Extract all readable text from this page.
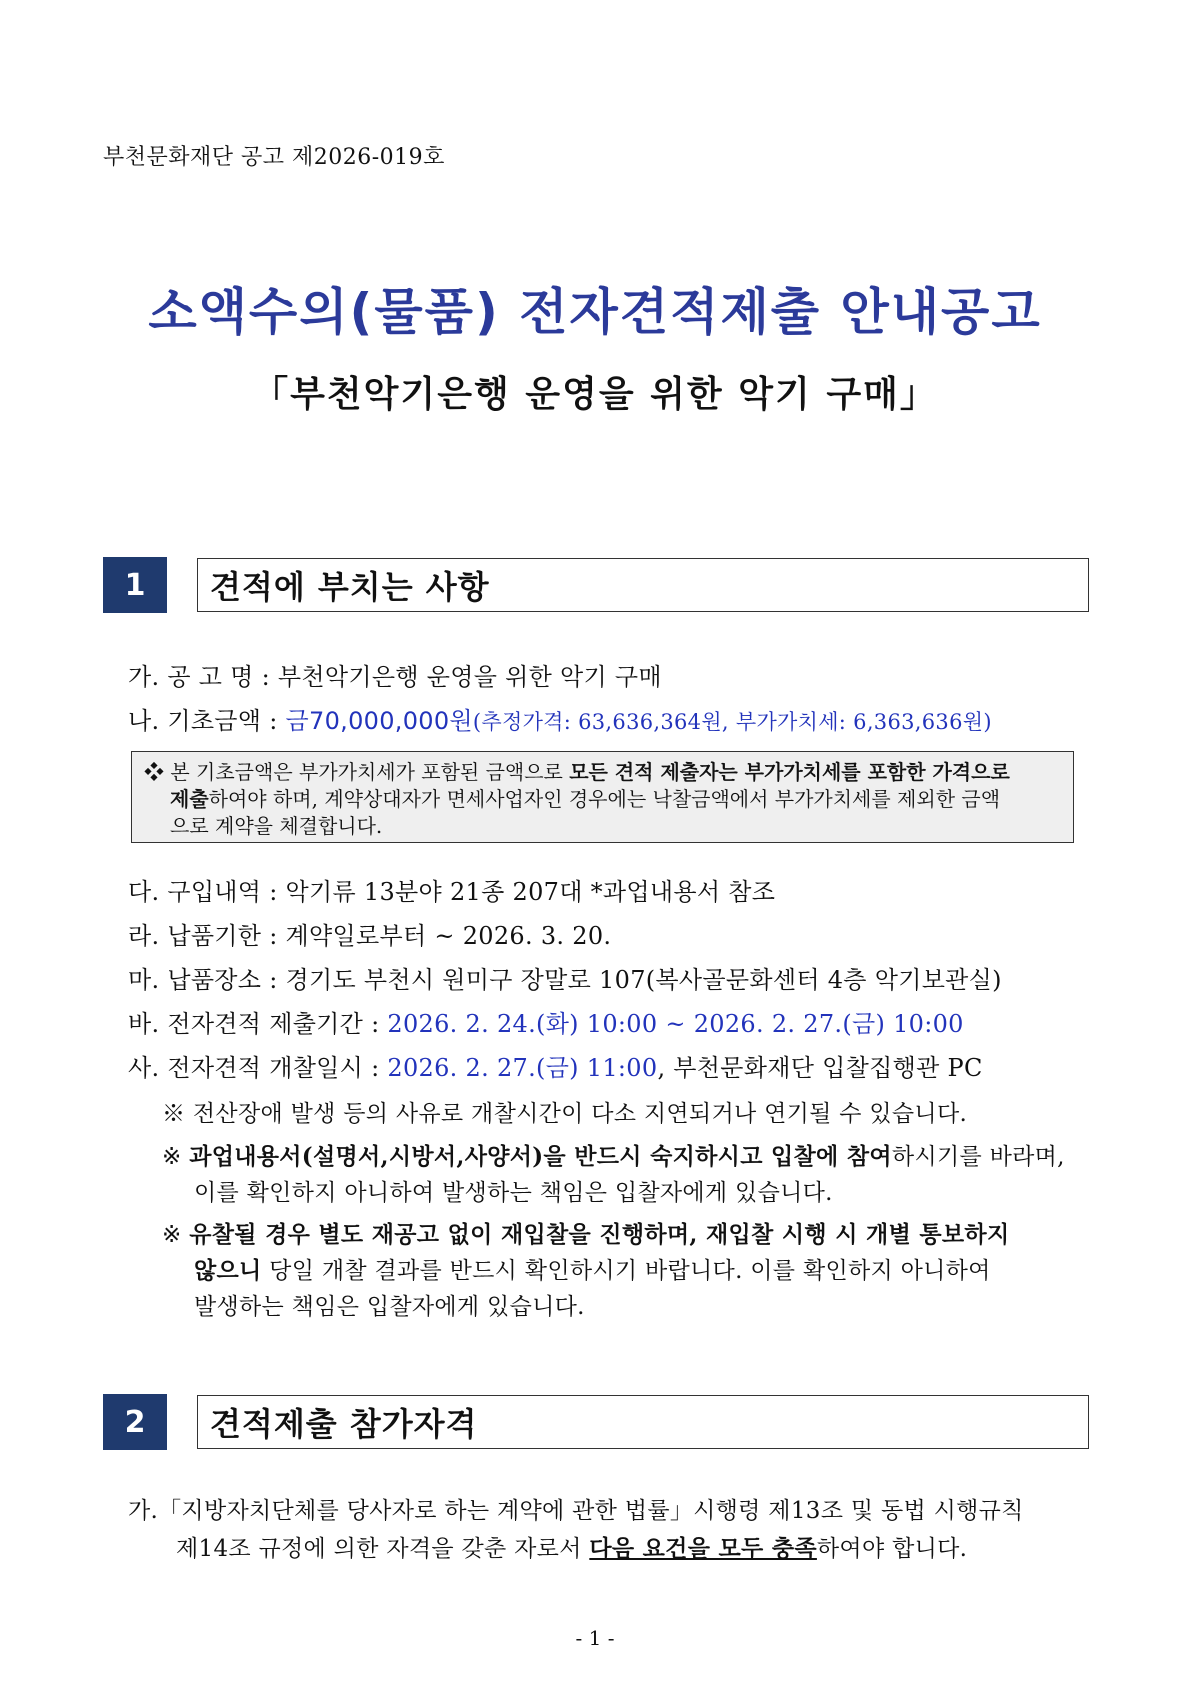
부천문화재단 공고 제2026-019호
소액수의(물품) 전자견적제출 안내공고
「부천악기은행 운영을 위한 악기 구매」
1	견적에 부치는 사항
가. 공 고 명 : 부천악기은행 운영을 위한 악기 구매
나. 기초금액 : 금70,000,000원(추정가격: 63,636,364원, 부가가치세: 6,363,636원)
❖ 본 기초금액은 부가가치세가 포함된 금액으로 모든 견적 제출자는 부가가치세를 포함한 가격으로
제출하여야 하며, 계약상대자가 면세사업자인 경우에는 낙찰금액에서 부가가치세를 제외한 금액
으로 계약을 체결합니다.
다. 구입내역 : 악기류 13분야 21종 207대 *과업내용서 참조
라. 납품기한 : 계약일로부터 ~ 2026. 3. 20.
마. 납품장소 : 경기도 부천시 원미구 장말로 107(복사골문화센터 4층 악기보관실)
바. 전자견적 제출기간 : 2026. 2. 24.(화) 10:00 ~ 2026. 2. 27.(금) 10:00
사. 전자견적 개찰일시 : 2026. 2. 27.(금) 11:00, 부천문화재단 입찰집행관 PC
※ 전산장애 발생 등의 사유로 개찰시간이 다소 지연되거나 연기될 수 있습니다.
※ 과업내용서(설명서,시방서,사양서)을 반드시 숙지하시고 입찰에 참여하시기를 바라며,
이를 확인하지 아니하여 발생하는 책임은 입찰자에게 있습니다.
※ 유찰될 경우 별도 재공고 없이 재입찰을 진행하며, 재입찰 시행 시 개별 통보하지
않으니 당일 개찰 결과를 반드시 확인하시기 바랍니다. 이를 확인하지 아니하여
발생하는 책임은 입찰자에게 있습니다.
2	견적제출 참가자격
가.「지방자치단체를 당사자로 하는 계약에 관한 법률」시행령 제13조 및 동법 시행규칙
제14조 규정에 의한 자격을 갖춘 자로서 다음 요건을 모두 충족하여야 합니다.
- 1 -
